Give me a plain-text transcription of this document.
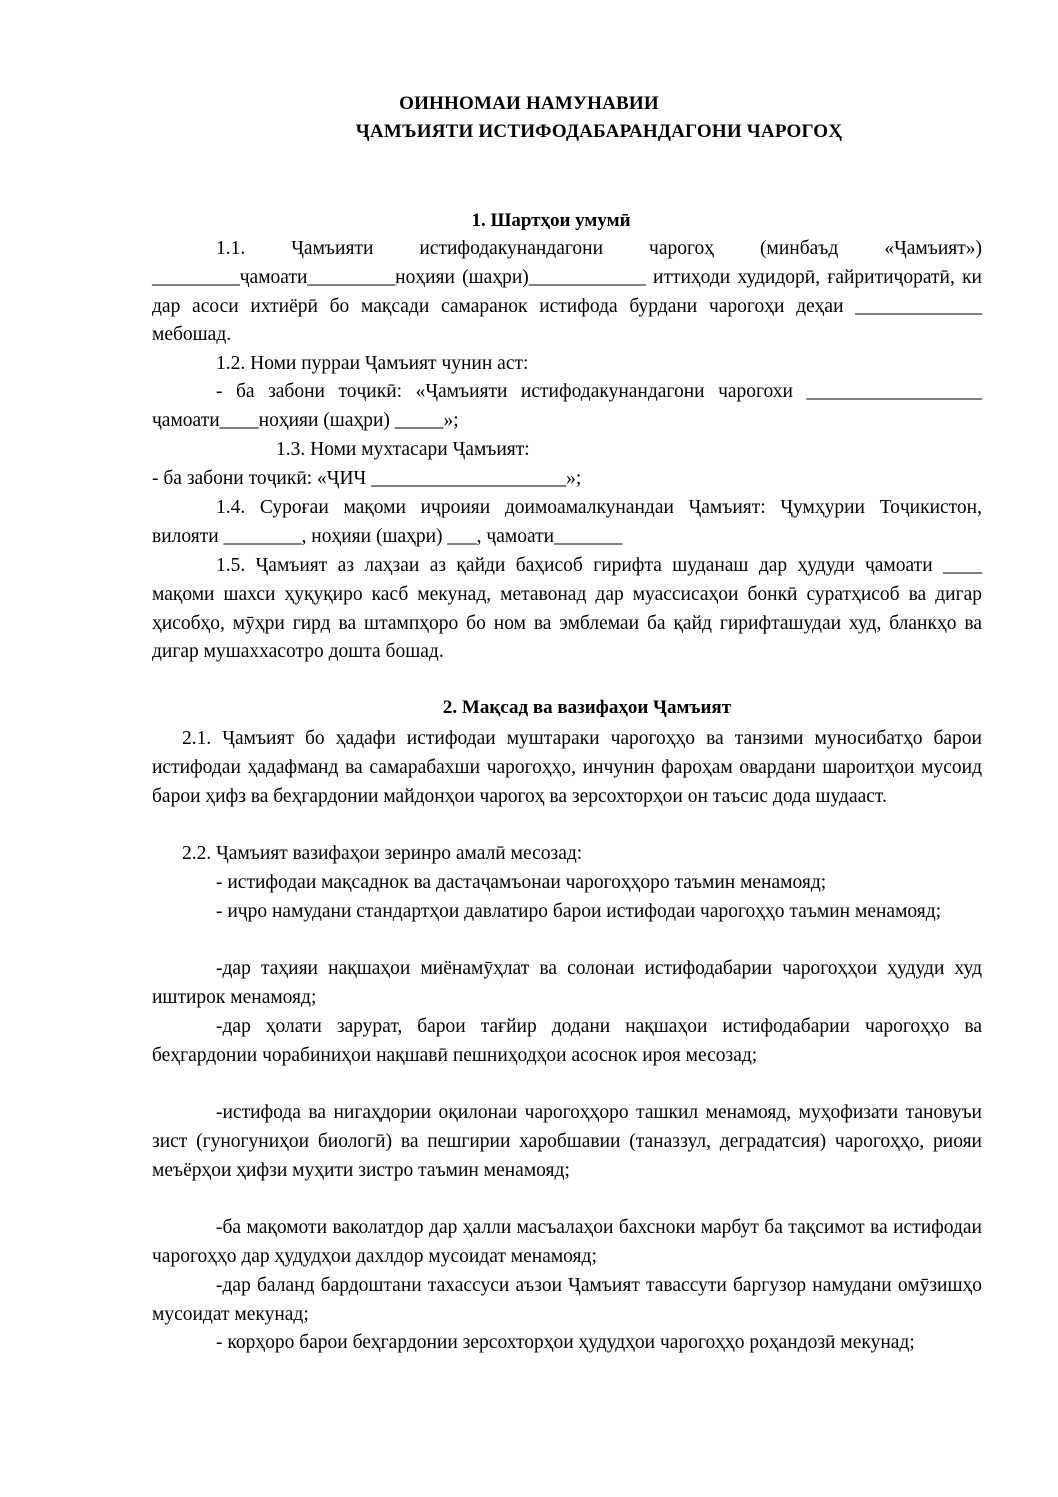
ОИННОМАИ НАМУНАВИИ
ҶАМЪИЯТИ ИСТИФОДАБАРАНДАГОНИ ЧАРОГОҲ
1. Шартҳои умумӣ
1.1. Ҷамъияти истифодакунандагони чарогоҳ (минбаъд «Ҷамъият») _________ҷамоати_________ноҳияи (шаҳри)____________ иттиҳоди худидорӣ, ғайритиҷоратӣ, ки дар асоси ихтиёрӣ бо мақсади самаранок истифода бурдани чарогоҳи деҳаи _____________ мебошад.
1.2. Номи пурраи Ҷамъият чунин аст:
- ба забони тоҷикӣ: «Ҷамъияти истифодакунандагони чарогохи __________________ ҷамоати____ноҳияи (шаҳри) _____»;
1.3. Номи мухтасари Ҷамъият:
- ба забони тоҷикӣ: «ҶИЧ ____________________»;
1.4. Суроғаи мақоми иҷроияи доимоамалкунандаи Ҷамъият: Ҷумҳурии Тоҷикистон, вилояти ________, ноҳияи (шаҳри) ___, ҷамоати_______
1.5. Ҷамъият аз лаҳзаи аз қайди баҳисоб гирифта шуданаш дар ҳудуди ҷамоати ____ мақоми шахси ҳуқуқиро касб мекунад, метавонад дар муассисаҳои бонкӣ суратҳисоб ва дигар ҳисобҳо, мӯҳри гирд ва штампҳоро бо ном ва эмблемаи ба қайд гирифташудаи худ, бланкҳо ва дигар мушаххасотро дошта бошад.
2. Мақсад ва вазифаҳои Ҷамъият
2.1. Ҷамъият бо ҳадафи истифодаи муштараки чарогоҳҳо ва танзими муносибатҳо барои истифодаи ҳадафманд ва самарабахши чарогоҳҳо, инчунин фароҳам овардани шароитҳои мусоид барои ҳифз ва беҳгардонии майдонҳои чарогоҳ ва зерсохторҳои он таъсис дода шудааст.
2.2. Ҷамъият вазифаҳои зеринро амалӣ месозад:
- истифодаи мақсаднок ва дастаҷамъонаи чарогоҳҳоро таъмин менамояд;
- иҷро намудани стандартҳои давлатиро барои истифодаи чарогоҳҳо таъмин менамояд;
-дар таҳияи нақшаҳои миёнамӯҳлат ва солонаи истифодабарии чарогоҳҳои ҳудуди худ иштирок менамояд;
-дар ҳолати зарурат, барои тағйир додани нақшаҳои истифодабарии чарогоҳҳо ва беҳгардонии чорабиниҳои нақшавӣ пешниҳодҳои асоснок ироя месозад;
-истифода ва нигаҳдории оқилонаи чарогоҳҳоро ташкил менамояд, муҳофизати тановуъи зист (гуногуниҳои биологӣ) ва пешгирии харобшавии (таназзул, деградатсия) чарогоҳҳо, риояи меъёрҳои ҳифзи муҳити зистро таъмин менамояд;
-ба мақомоти ваколатдор дар ҳалли масъалаҳои бахсноки марбут ба тақсимот ва истифодаи чарогоҳҳо дар ҳудудҳои дахлдор мусоидат менамояд;
-дар баланд бардоштани тахассуси аъзои Ҷамъият тавассути баргузор намудани омӯзишҳо мусоидат мекунад;
- корҳоро барои беҳгардонии зерсохторҳои ҳудудҳои чарогоҳҳо роҳандозӣ мекунад;
